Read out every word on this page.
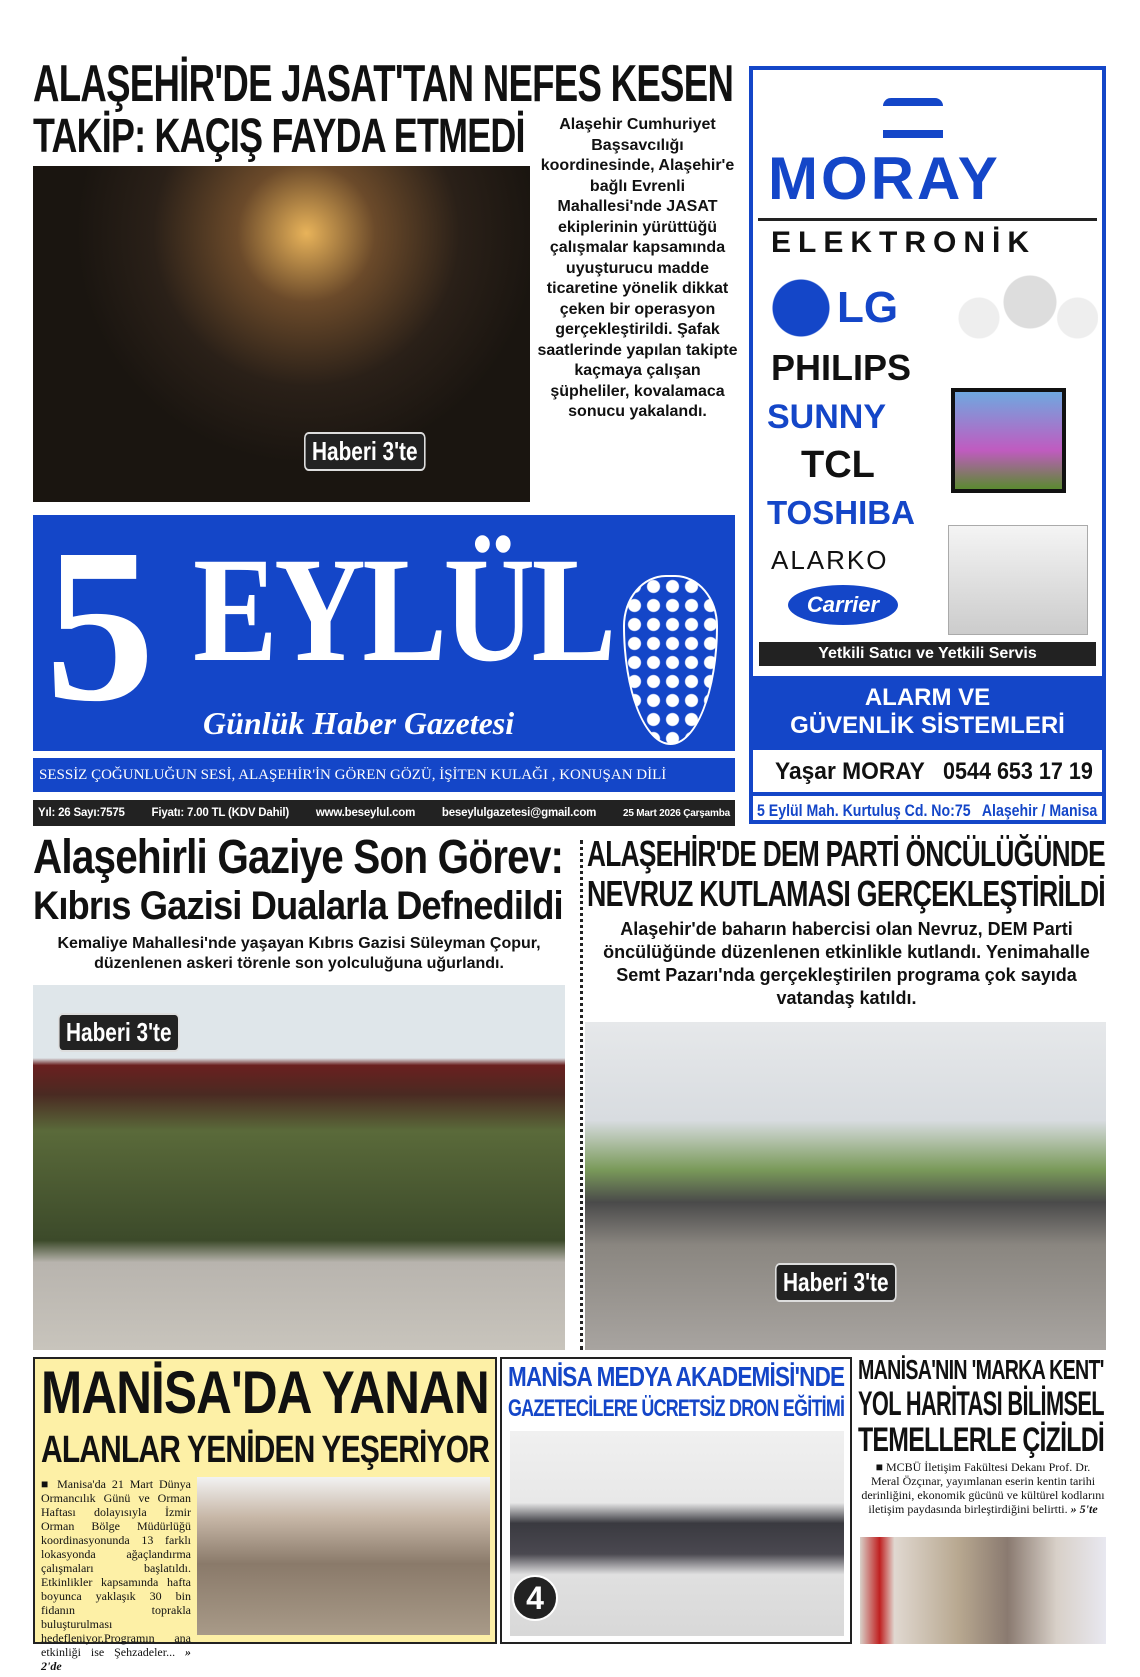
ALAŞEHİR'DE JASAT'TAN NEFES KESEN
TAKİP: KAÇIŞ FAYDA ETMEDİ
Haberi 3'te
Alaşehir Cumhuriyet Başsavcılığı koordinesinde, Alaşehir'e bağlı Evrenli Mahallesi'nde JASAT ekiplerinin yürüttüğü çalışmalar kapsamında uyuşturucu madde ticaretine yönelik dikkat çeken bir operasyon gerçekleştirildi. Şafak saatlerinde yapılan takipte kaçmaya çalışan şüpheliler, kovalamaca sonucu yakalandı.
MORAY
ELEKTRONİK
LG
PHILIPS
SUNNY
TCL
TOSHIBA
ALARKO
Carrier
Yetkili Satıcı ve Yetkili Servis
ALARM VE
GÜVENLİK SİSTEMLERİ
Yaşar MORAY 0544 653 17 19
5 Eylül Mah. Kurtuluş Cd. No:75   Alaşehir / Manisa
5 EYLÜL
Günlük Haber Gazetesi
SESSİZ ÇOĞUNLUĞUN SESİ, ALAŞEHİR'İN GÖREN GÖZÜ, İŞİTEN KULAĞI , KONUŞAN DİLİ
Yıl: 26 Sayı:7575 Fiyatı: 7.00 TL (KDV Dahil) www.beseylul.com beseylulgazetesi@gmail.com	25 Mart 2026 Çarşamba
Alaşehirli Gaziye Son Görev:
Kıbrıs Gazisi Dualarla Defnedildi
Kemaliye Mahallesi'nde yaşayan Kıbrıs Gazisi Süleyman Çopur, düzenlenen askeri törenle son yolculuğuna uğurlandı.
Haberi 3'te
ALAŞEHİR'DE DEM PARTİ ÖNCÜLÜĞÜNDE
NEVRUZ KUTLAMASI GERÇEKLEŞTİRİLDİ
Alaşehir'de baharın habercisi olan Nevruz, DEM Parti öncülüğünde düzenlenen etkinlikle kutlandı. Yenimahalle Semt Pazarı'nda gerçekleştirilen programa çok sayıda vatandaş katıldı.
Haberi 3'te
MANİSA'DA YANAN
ALANLAR YENİDEN YEŞERİYOR
■ Manisa'da 21 Mart Dünya Ormancılık Günü ve Orman Haftası dolayısıyla İzmir Orman Bölge Müdürlüğü koordinasyonunda 13 farklı lokasyonda ağaçlandırma çalışmaları başlatıldı. Etkinlikler kapsamında hafta boyunca yaklaşık 30 bin fidanın toprakla buluşturulması hedefleniyor.Programın ana etkinliği ise Şehzadeler... » 2'de
MANİSA MEDYA AKADEMİSİ'NDE
GAZETECİLERE ÜCRETSİZ DRON EĞİTİMİ
4
MANİSA'NIN 'MARKA KENT'
YOL HARİTASI BİLİMSEL
TEMELLERLE ÇİZİLDİ
■ MCBÜ İletişim Fakültesi Dekanı Prof. Dr. Meral Özçınar, yayımlanan eserin kentin tarihi derinliğini, ekonomik gücünü ve kültürel kodlarını iletişim paydasında birleştirdiğini belirtti. » 5'te
